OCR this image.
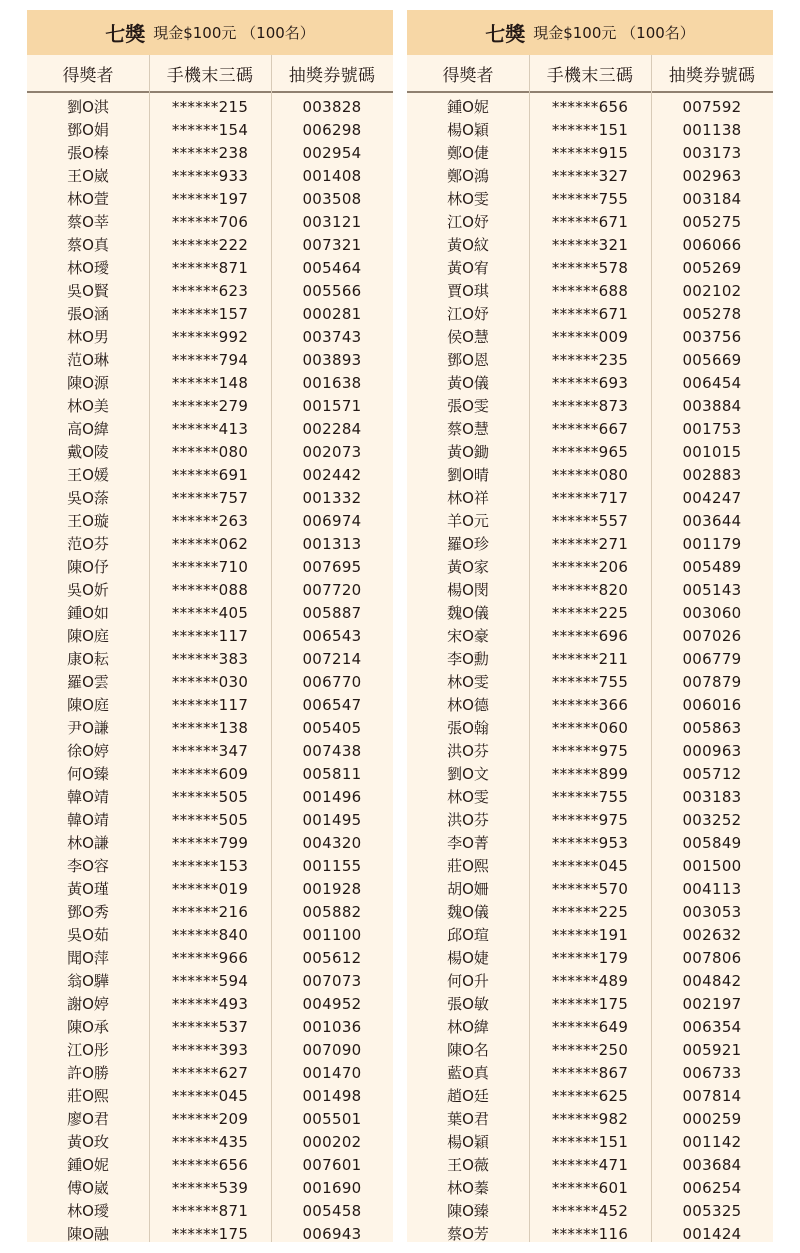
七獎 現金$100元 （100名）
得獎者	手機末三碼	抽獎券號碼
劉O淇	******215	003828
鄧O娟	******154	006298
張O榛	******238	002954
王O崴	******933	001408
林O萱	******197	003508
蔡O莘	******706	003121
蔡O真	******222	007321
林O璦	******871	005464
吳O賢	******623	005566
張O涵	******157	000281
林O男	******992	003743
范O琳	******794	003893
陳O源	******148	001638
林O美	******279	001571
高O緯	******413	002284
戴O陵	******080	002073
王O媛	******691	002442
吳O蒤	******757	001332
王O璇	******263	006974
范O芬	******062	001313
陳O伃	******710	007695
吳O妡	******088	007720
鍾O如	******405	005887
陳O庭	******117	006543
康O耘	******383	007214
羅O雲	******030	006770
陳O庭	******117	006547
尹O謙	******138	005405
徐O婷	******347	007438
何O臻	******609	005811
韓O靖	******505	001496
韓O靖	******505	001495
林O謙	******799	004320
李O容	******153	001155
黃O瑾	******019	001928
鄧O秀	******216	005882
吳O茹	******840	001100
聞O萍	******966	005612
翁O驊	******594	007073
謝O婷	******493	004952
陳O承	******537	001036
江O彤	******393	007090
許O勝	******627	001470
莊O熙	******045	001498
廖O君	******209	005501
黃O玫	******435	000202
鍾O妮	******656	007601
傅O崴	******539	001690
林O璦	******871	005458
陳O融	******175	006943
七獎 現金$100元 （100名）
得獎者	手機末三碼	抽獎券號碼
鍾O妮	******656	007592
楊O穎	******151	001138
鄭O倢	******915	003173
鄭O鴻	******327	002963
林O雯	******755	003184
江O妤	******671	005275
黃O紋	******321	006066
黃O宥	******578	005269
賈O琪	******688	002102
江O妤	******671	005278
侯O慧	******009	003756
鄧O恩	******235	005669
黃O儀	******693	006454
張O雯	******873	003884
蔡O慧	******667	001753
黃O鋤	******965	001015
劉O晴	******080	002883
林O祥	******717	004247
羊O元	******557	003644
羅O珍	******271	001179
黃O家	******206	005489
楊O閔	******820	005143
魏O儀	******225	003060
宋O豪	******696	007026
李O勳	******211	006779
林O雯	******755	007879
林O德	******366	006016
張O翰	******060	005863
洪O芬	******975	000963
劉O文	******899	005712
林O雯	******755	003183
洪O芬	******975	003252
李O菁	******953	005849
莊O熙	******045	001500
胡O姍	******570	004113
魏O儀	******225	003053
邱O瑄	******191	002632
楊O婕	******179	007806
何O升	******489	004842
張O敏	******175	002197
林O緯	******649	006354
陳O名	******250	005921
藍O真	******867	006733
趙O廷	******625	007814
葉O君	******982	000259
楊O穎	******151	001142
王O薇	******471	003684
林O蓁	******601	006254
陳O臻	******452	005325
蔡O芳	******116	001424
